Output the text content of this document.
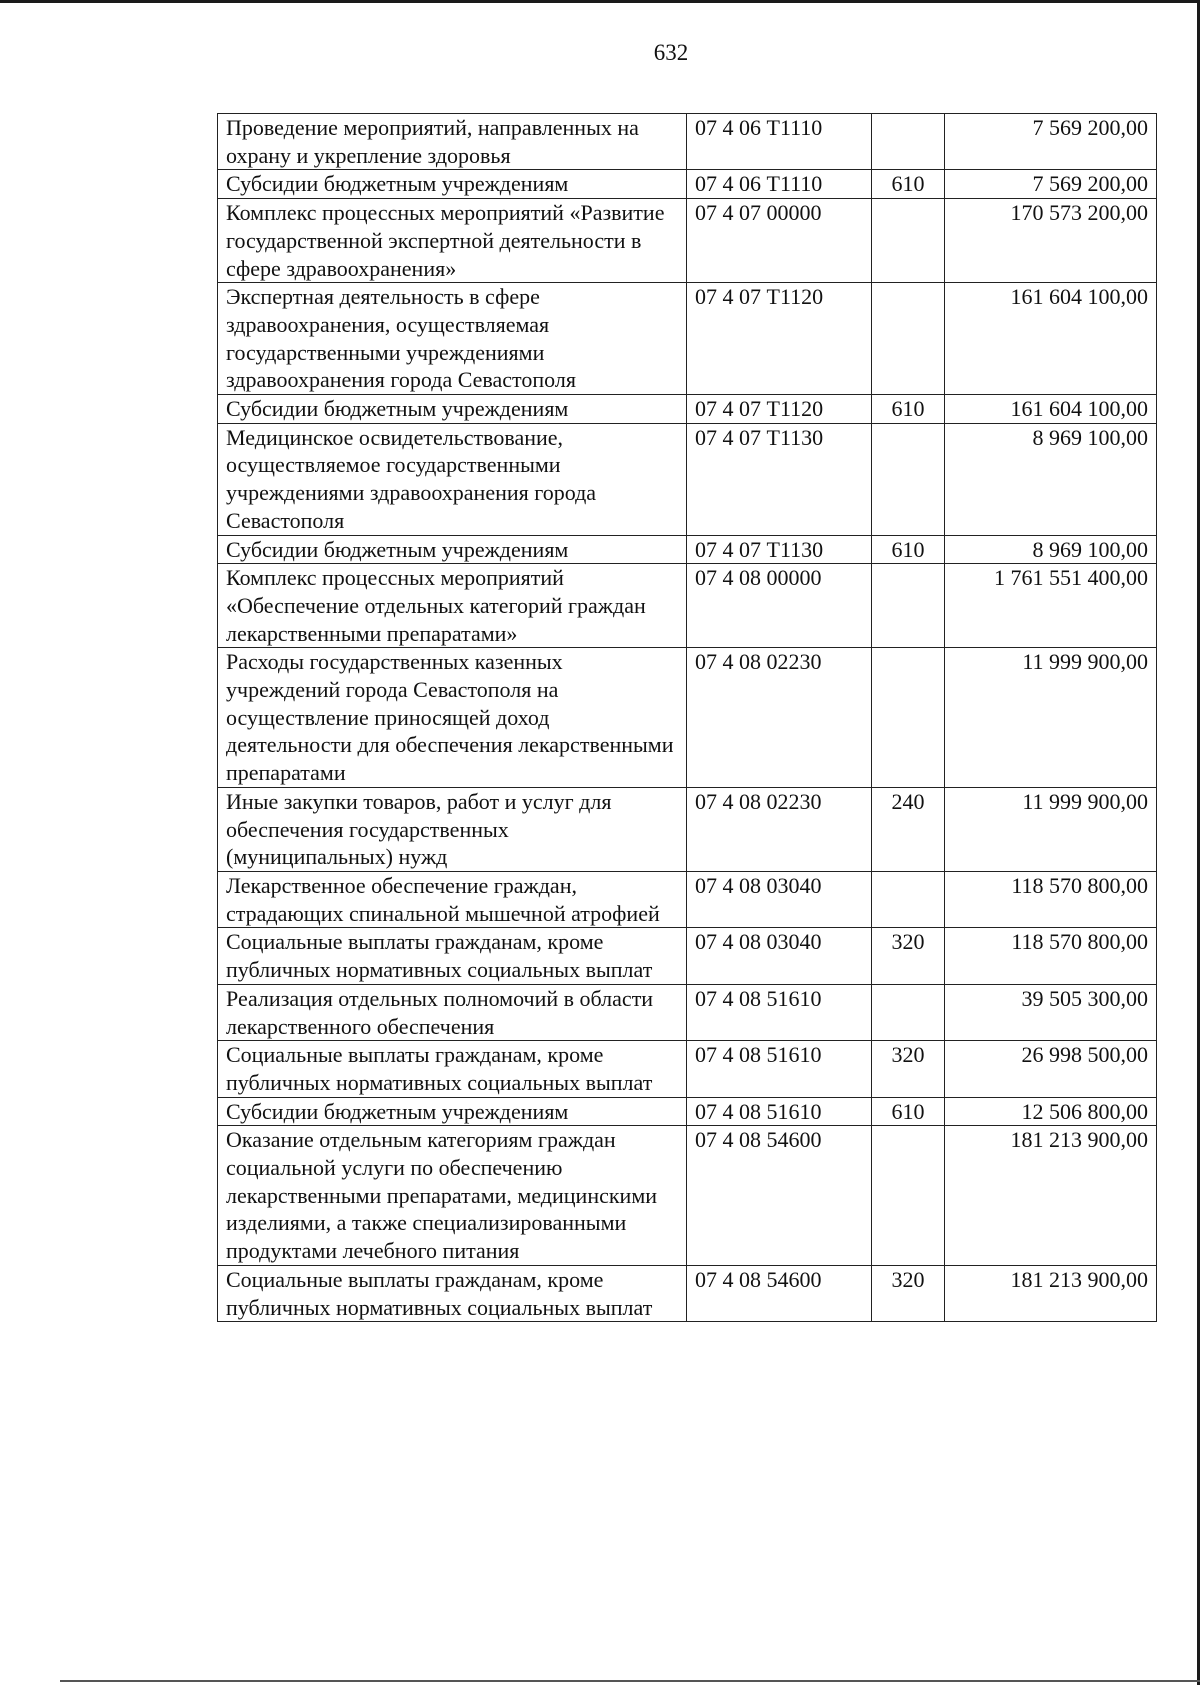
632
Проведение мероприятий, направленных на охрану и укрепление здоровья	07 4 06 Т1110		7 569 200,00
Субсидии бюджетным учреждениям	07 4 06 Т1110	610	7 569 200,00
Комплекс процессных мероприятий «Развитие государственной экспертной деятельности в сфере здравоохранения»	07 4 07 00000		170 573 200,00
Экспертная деятельность в сфере здравоохранения, осуществляемая государственными учреждениями здравоохранения города Севастополя	07 4 07 Т1120		161 604 100,00
Субсидии бюджетным учреждениям	07 4 07 Т1120	610	161 604 100,00
Медицинское освидетельствование, осуществляемое государственными учреждениями здравоохранения города Севастополя	07 4 07 Т1130		8 969 100,00
Субсидии бюджетным учреждениям	07 4 07 Т1130	610	8 969 100,00
Комплекс процессных мероприятий «Обеспечение отдельных категорий граждан лекарственными препаратами»	07 4 08 00000		1 761 551 400,00
Расходы государственных казенных учреждений города Севастополя на осуществление приносящей доход деятельности для обеспечения лекарственными препаратами	07 4 08 02230		11 999 900,00
Иные закупки товаров, работ и услуг для обеспечения государственных (муниципальных) нужд	07 4 08 02230	240	11 999 900,00
Лекарственное обеспечение граждан, страдающих спинальной мышечной атрофией	07 4 08 03040		118 570 800,00
Социальные выплаты гражданам, кроме публичных нормативных социальных выплат	07 4 08 03040	320	118 570 800,00
Реализация отдельных полномочий в области лекарственного обеспечения	07 4 08 51610		39 505 300,00
Социальные выплаты гражданам, кроме публичных нормативных социальных выплат	07 4 08 51610	320	26 998 500,00
Субсидии бюджетным учреждениям	07 4 08 51610	610	12 506 800,00
Оказание отдельным категориям граждан социальной услуги по обеспечению лекарственными препаратами, медицинскими изделиями, а также специализированными продуктами лечебного питания	07 4 08 54600		181 213 900,00
Социальные выплаты гражданам, кроме публичных нормативных социальных выплат	07 4 08 54600	320	181 213 900,00
